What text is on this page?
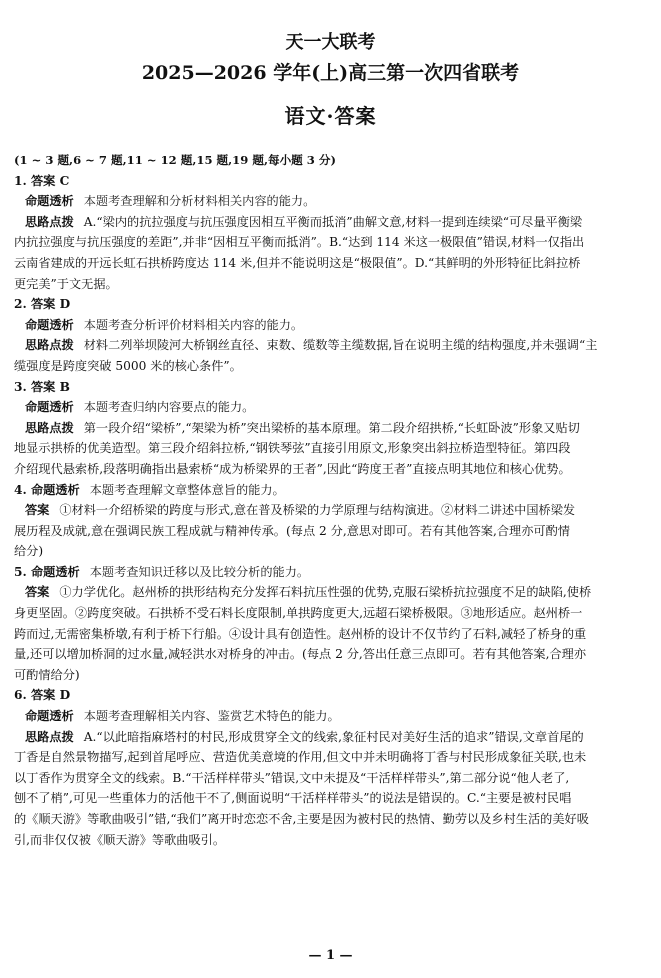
天一大联考
2025—2026 学年(上)高三第一次四省联考
语文·答案

(1 ~ 3 题,6 ~ 7 题,11 ~ 12 题,15 题,19 题,每小题 3 分)

1. 答案 C

命题透析 本题考查理解和分析材料相关内容的能力。

思路点拨 A.“梁内的抗拉强度与抗压强度因相互平衡而抵消”曲解文意,材料一提到连续梁“可尽量平衡梁

内抗拉强度与抗压强度的差距”,并非“因相互平衡而抵消”。B.“达到 114 米这一极限值”错误,材料一仅指出

云南省建成的开远长虹石拱桥跨度达 114 米,但并不能说明这是“极限值”。D.“其鲜明的外形特征比斜拉桥

更完美”于文无据。

2. 答案 D

命题透析 本题考查分析评价材料相关内容的能力。

思路点拨 材料二列举坝陵河大桥钢丝直径、束数、缆数等主缆数据,旨在说明主缆的结构强度,并未强调“主

缆强度是跨度突破 5000 米的核心条件”。

3. 答案 B

命题透析 本题考查归纳内容要点的能力。

思路点拨 第一段介绍“梁桥”,“架梁为桥”突出梁桥的基本原理。第二段介绍拱桥,“长虹卧波”形象又贴切

地显示拱桥的优美造型。第三段介绍斜拉桥,“钢铁琴弦”直接引用原文,形象突出斜拉桥造型特征。第四段

介绍现代悬索桥,段落明确指出悬索桥“成为桥梁界的王者”,因此“跨度王者”直接点明其地位和核心优势。

4. 命题透析 本题考查理解文章整体意旨的能力。

答案 ①材料一介绍桥梁的跨度与形式,意在普及桥梁的力学原理与结构演进。②材料二讲述中国桥梁发

展历程及成就,意在强调民族工程成就与精神传承。(每点 2 分,意思对即可。若有其他答案,合理亦可酌情

给分)

5. 命题透析 本题考查知识迁移以及比较分析的能力。

答案 ①力学优化。赵州桥的拱形结构充分发挥石料抗压性强的优势,克服石梁桥抗拉强度不足的缺陷,使桥

身更坚固。②跨度突破。石拱桥不受石料长度限制,单拱跨度更大,远超石梁桥极限。③地形适应。赵州桥一

跨而过,无需密集桥墩,有利于桥下行船。④设计具有创造性。赵州桥的设计不仅节约了石料,减轻了桥身的重

量,还可以增加桥洞的过水量,减轻洪水对桥身的冲击。(每点 2 分,答出任意三点即可。若有其他答案,合理亦

可酌情给分)

6. 答案 D

命题透析 本题考查理解相关内容、鉴赏艺术特色的能力。

思路点拨 A.“以此暗指麻塔村的村民,形成贯穿全文的线索,象征村民对美好生活的追求”错误,文章首尾的

丁香是自然景物描写,起到首尾呼应、营造优美意境的作用,但文中并未明确将丁香与村民形成象征关联,也未

以丁香作为贯穿全文的线索。B.“干活样样带头”错误,文中未提及“干活样样带头”,第二部分说“他人老了,

刨不了梢”,可见一些重体力的活他干不了,侧面说明“干活样样带头”的说法是错误的。C.“主要是被村民唱

的《顺天游》等歌曲吸引”错,“我们”离开时恋恋不舍,主要是因为被村民的热情、勤劳以及乡村生活的美好吸

引,而非仅仅被《顺天游》等歌曲吸引。

— 1 —
